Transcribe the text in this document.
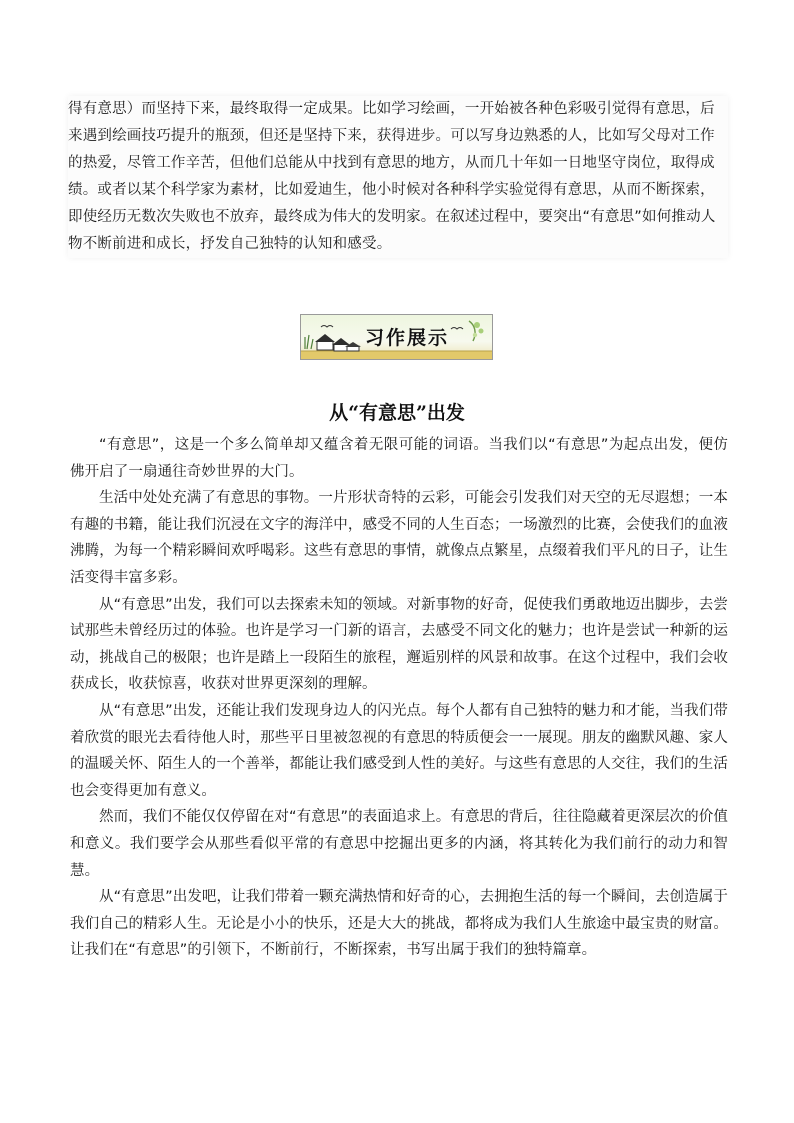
得有意思）而坚持下来，最终取得一定成果。比如学习绘画，一开始被各种色彩吸引觉得有意思，后来遇到绘画技巧提升的瓶颈，但还是坚持下来，获得进步。可以写身边熟悉的人，比如写父母对工作的热爱，尽管工作辛苦，但他们总能从中找到有意思的地方，从而几十年如一日地坚守岗位，取得成绩。或者以某个科学家为素材，比如爱迪生，他小时候对各种科学实验觉得有意思，从而不断探索，即使经历无数次失败也不放弃，最终成为伟大的发明家。在叙述过程中，要突出“有意思”如何推动人物不断前进和成长，抒发自己独特的认知和感受。

习作展示
从“有意思”出发

“有意思”，这是一个多么简单却又蕴含着无限可能的词语。当我们以“有意思”为起点出发，便仿佛开启了一扇通往奇妙世界的大门。

生活中处处充满了有意思的事物。一片形状奇特的云彩，可能会引发我们对天空的无尽遐想；一本有趣的书籍，能让我们沉浸在文字的海洋中，感受不同的人生百态；一场激烈的比赛，会使我们的血液沸腾，为每一个精彩瞬间欢呼喝彩。这些有意思的事情，就像点点繁星，点缀着我们平凡的日子，让生活变得丰富多彩。

从“有意思”出发，我们可以去探索未知的领域。对新事物的好奇，促使我们勇敢地迈出脚步，去尝试那些未曾经历过的体验。也许是学习一门新的语言，去感受不同文化的魅力；也许是尝试一种新的运动，挑战自己的极限；也许是踏上一段陌生的旅程，邂逅别样的风景和故事。在这个过程中，我们会收获成长，收获惊喜，收获对世界更深刻的理解。

从“有意思”出发，还能让我们发现身边人的闪光点。每个人都有自己独特的魅力和才能，当我们带着欣赏的眼光去看待他人时，那些平日里被忽视的有意思的特质便会一一展现。朋友的幽默风趣、家人的温暖关怀、陌生人的一个善举，都能让我们感受到人性的美好。与这些有意思的人交往，我们的生活也会变得更加有意义。

然而，我们不能仅仅停留在对“有意思”的表面追求上。有意思的背后，往往隐藏着更深层次的价值和意义。我们要学会从那些看似平常的有意思中挖掘出更多的内涵，将其转化为我们前行的动力和智慧。

从“有意思”出发吧，让我们带着一颗充满热情和好奇的心，去拥抱生活的每一个瞬间，去创造属于我们自己的精彩人生。无论是小小的快乐，还是大大的挑战，都将成为我们人生旅途中最宝贵的财富。让我们在“有意思”的引领下，不断前行，不断探索，书写出属于我们的独特篇章。
